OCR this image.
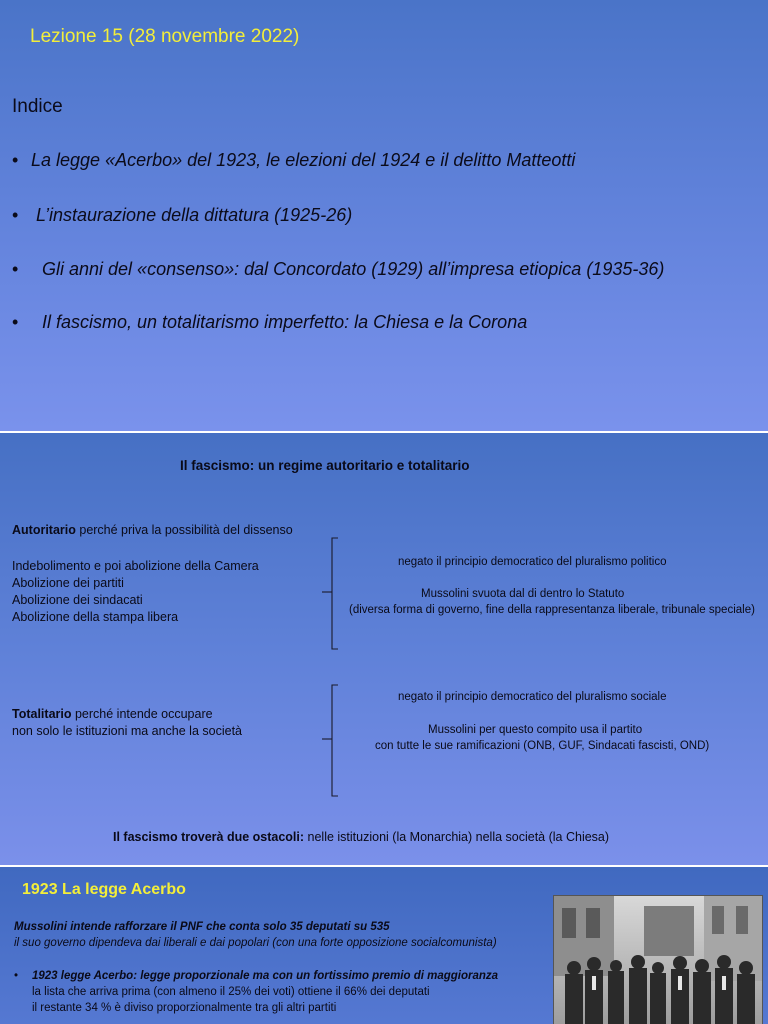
Lezione 15 (28 novembre 2022)
Indice
• La legge «Acerbo» del 1923, le elezioni del 1924 e il delitto Matteotti
• L’instaurazione della dittatura (1925-26)
• Gli anni del «consenso»: dal Concordato (1929) all’impresa etiopica (1935-36)
• Il fascismo, un totalitarismo imperfetto: la Chiesa e la Corona
Il fascismo: un regime autoritario e totalitario
Autoritario perché priva la possibilità del dissenso
Indebolimento e poi abolizione della Camera
Abolizione dei partiti
Abolizione dei sindacati
Abolizione della stampa libera
negato il principio democratico del pluralismo politico
Mussolini svuota dal di dentro lo Statuto
(diversa forma di governo, fine della rappresentanza liberale, tribunale speciale)
Totalitario perché intende occupare
non solo le istituzioni ma anche la società
negato il principio democratico del pluralismo sociale
Mussolini per questo compito usa il partito
con tutte le sue ramificazioni (ONB, GUF, Sindacati fascisti, OND)
Il fascismo troverà due ostacoli: nelle istituzioni (la Monarchia) nella società (la Chiesa)
1923 La legge Acerbo
Mussolini intende rafforzare il PNF che conta solo 35 deputati su 535
il suo governo dipendeva dai liberali e dai popolari (con una forte opposizione socialcomunista)
• 1923 legge Acerbo: legge proporzionale ma con un fortissimo premio di maggioranza
la lista che arriva prima (con almeno il 25% dei voti) ottiene il 66% dei deputati
il restante 34 % è diviso proporzionalmente tra gli altri partiti
